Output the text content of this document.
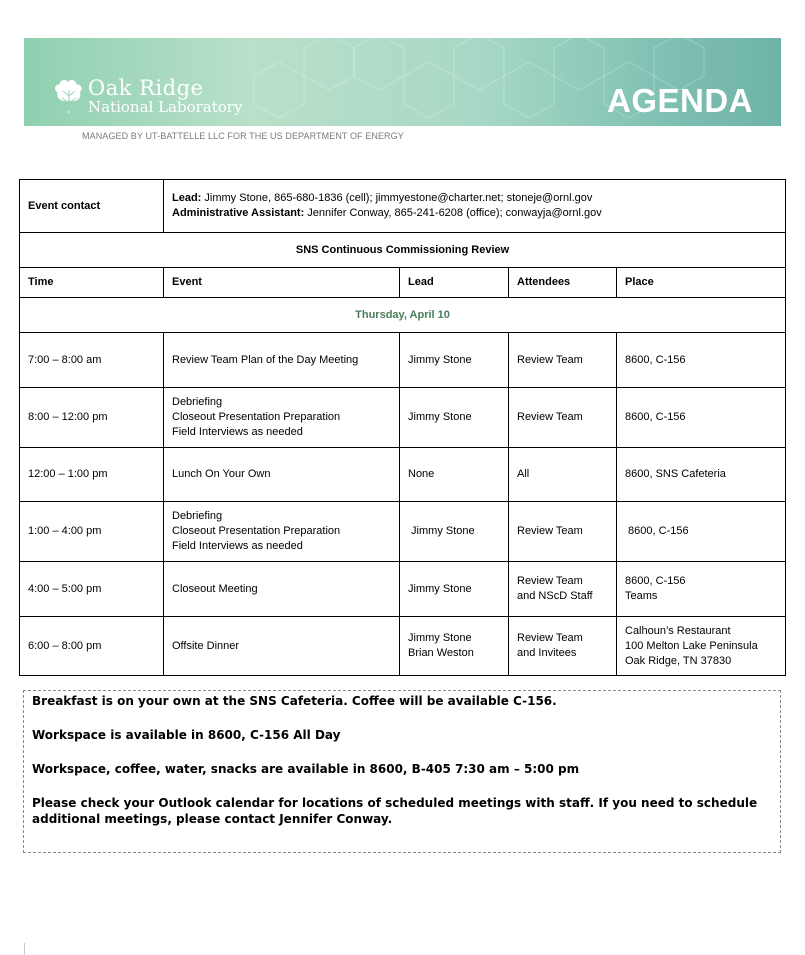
Oak Ridge
National Laboratory	AGENDA
MANAGED BY UT-BATTELLE LLC FOR THE US DEPARTMENT OF ENERGY
Event contact	Lead: Jimmy Stone, 865-680-1836 (cell); jimmyestone@charter.net; stoneje@ornl.gov
Administrative Assistant: Jennifer Conway, 865-241-6208 (office); conwayja@ornl.gov			

SNS Continuous Commissioning Review				
Time	Event	Lead	Attendees	Place
Thursday, April 10				
7:00 – 8:00 am	Review Team Plan of the Day Meeting	Jimmy Stone	Review Team	8600, C-156

8:00 – 12:00 pm	Debriefing
Closeout Presentation Preparation
Field Interviews as needed	Jimmy Stone	Review Team	8600, C-156

12:00 – 1:00 pm	Lunch On Your Own	None	All	8600, SNS Cafeteria

1:00 – 4:00 pm	Debriefing
Closeout Presentation Preparation
Field Interviews as needed	Jimmy Stone	Review Team	8600, C-156

4:00 – 5:00 pm	Closeout Meeting	Jimmy Stone	Review Team
and NScD Staff	8600, C-156
Teams

6:00 – 8:00 pm	Offsite Dinner	Jimmy Stone
Brian Weston	Review Team
and Invitees	Calhoun’s Restaurant
100 Melton Lake Peninsula
Oak Ridge, TN 37830

Breakfast is on your own at the SNS Cafeteria. Coffee will be available C-156.

Workspace is available in 8600, C-156 All Day

Workspace, coffee, water, snacks are available in 8600, B-405 7:30 am – 5:00 pm

Please check your Outlook calendar for locations of scheduled meetings with staff. If you need to schedule additional meetings, please contact Jennifer Conway.
